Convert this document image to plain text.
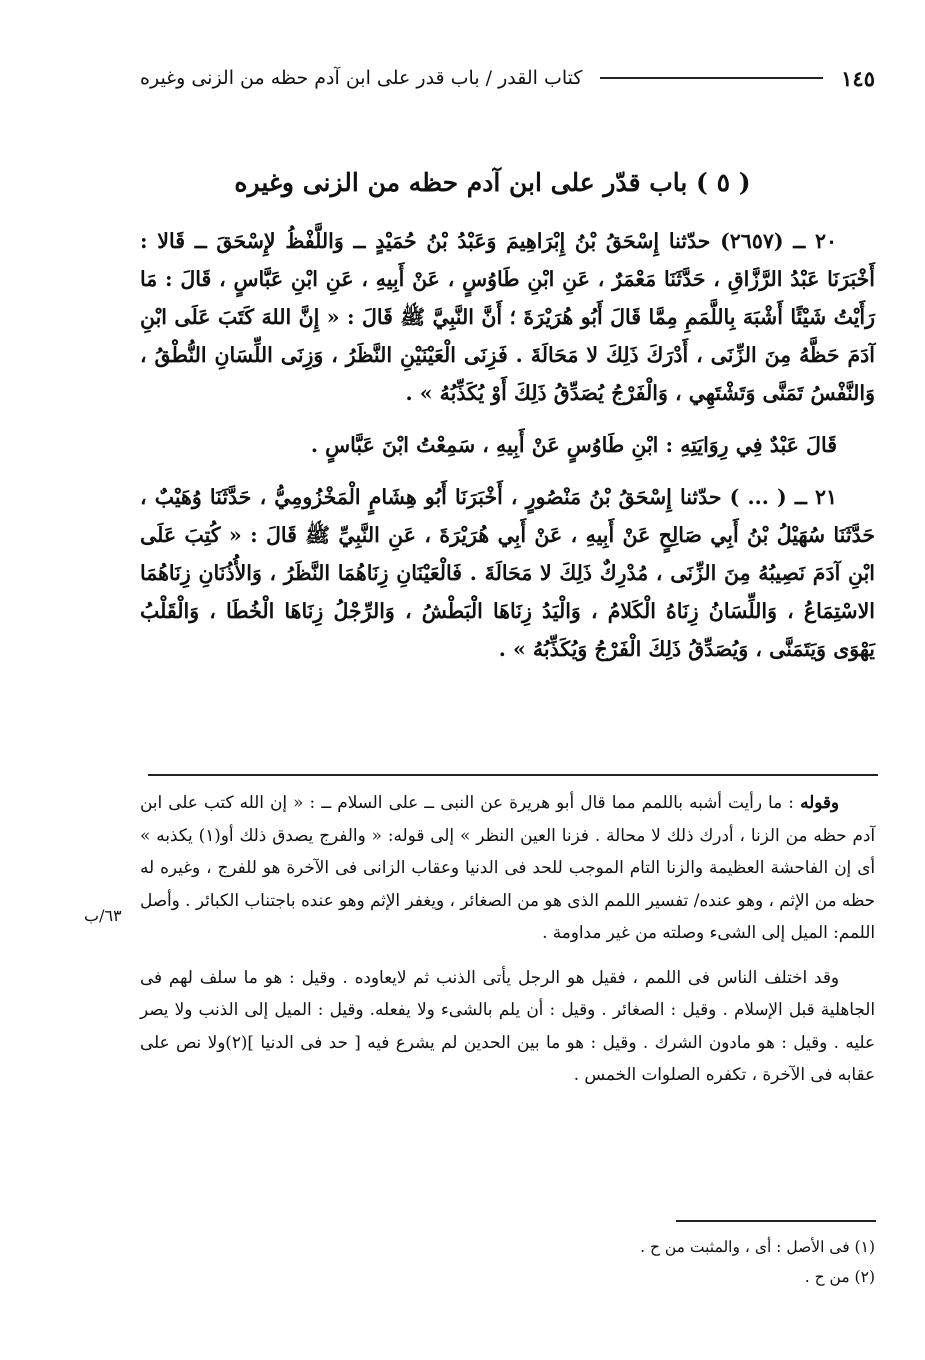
كتاب القدر / باب قدر على ابن آدم حظه من الزنى وغيره	١٤٥
( ٥ ) باب قدّر على ابن آدم حظه من الزنى وغيره

٢٠ ــ (٢٦٥٧) حدّثنا إِسْحَقُ بْنُ إِبْرَاهِيمَ وَعَبْدُ بْنُ حُمَيْدٍ ــ وَاللَّفْظُ لإِسْحَقَ ــ قَالا : أَخْبَرَنَا عَبْدُ الرَّزَّاقِ ، حَدَّثَنَا مَعْمَرٌ ، عَنِ ابْنِ طَاوُسٍ ، عَنْ أَبِيهِ ، عَنِ ابْنِ عَبَّاسٍ ، قَالَ : مَا رَأَيْتُ شَيْئًا أَشْبَهَ بِاللَّمَمِ مِمَّا قَالَ أَبُو هُرَيْرَةَ ؛ أَنَّ النَّبِيَّ ﷺ قَالَ : « إِنَّ اللهَ كَتَبَ عَلَى ابْنِ آدَمَ حَظَّهُ مِنَ الزِّنَى ، أَدْرَكَ ذَلِكَ لا مَحَالَةَ . فَزِنَى الْعَيْنَيْنِ النَّظَرُ ، وَزِنَى اللِّسَانِ النُّطْقُ ، وَالنَّفْسُ تَمَنَّى وَتَشْتَهِي ، وَالْفَرْجُ يُصَدِّقُ ذَلِكَ أَوْ يُكَذِّبُهُ » .

قَالَ عَبْدٌ فِي رِوَايَتِهِ : ابْنِ طَاوُسٍ عَنْ أَبِيهِ ، سَمِعْتُ ابْنَ عَبَّاسٍ .

٢١ ــ ( ... ) حدّثنا إِسْحَقُ بْنُ مَنْصُورٍ ، أَخْبَرَنَا أَبُو هِشَامٍ الْمَخْزُومِيُّ ، حَدَّثَنَا وُهَيْبٌ ، حَدَّثَنَا سُهَيْلُ بْنُ أَبِي صَالِحٍ عَنْ أَبِيهِ ، عَنْ أَبِي هُرَيْرَةَ ، عَنِ النَّبِيِّ ﷺ قَالَ : « كُتِبَ عَلَى ابْنِ آدَمَ نَصِيبُهُ مِنَ الزِّنَى ، مُدْرِكٌ ذَلِكَ لا مَحَالَةَ . فَالْعَيْنَانِ زِنَاهُمَا النَّظَرُ ، وَالأُذُنَانِ زِنَاهُمَا الاسْتِمَاعُ ، وَاللِّسَانُ زِنَاهُ الْكَلامُ ، وَالْيَدُ زِنَاهَا الْبَطْشُ ، وَالرِّجْلُ زِنَاهَا الْخُطَا ، وَالْقَلْبُ يَهْوَى وَيَتَمَنَّى ، وَيُصَدِّقُ ذَلِكَ الْفَرْجُ وَيُكَذِّبُهُ » .

وقوله : ما رأيت أشبه باللمم مما قال أبو هريرة عن النبى ــ على السلام ــ : « إن الله كتب على ابن آدم حظه من الزنا ، أدرك ذلك لا محالة . فزنا العين النظر » إلى قوله: « والفرج يصدق ذلك أو(١) يكذبه » أى إن الفاحشة العظيمة والزنا التام الموجب للحد فى الدنيا وعقاب الزانى فى الآخرة هو للفرج ، وغيره له حظه من الإثم ، وهو عنده/ تفسير اللمم الذى هو من الصغائر ، ويغفر الإثم وهو عنده باجتناب الكبائر . وأصل اللمم: الميل إلى الشىء وصلته من غير مداومة .

وقد اختلف الناس فى اللمم ، فقيل هو الرجل يأتى الذنب ثم لايعاوده . وقيل : هو ما سلف لهم فى الجاهلية قبل الإسلام . وقيل : الصغائر . وقيل : أن يلم بالشىء ولا يفعله. وقيل : الميل إلى الذنب ولا يصر عليه . وقيل : هو مادون الشرك . وقيل : هو ما بين الحدين لم يشرع فيه [ حد فى الدنيا ](٢)ولا نص على عقابه فى الآخرة ، تكفره الصلوات الخمس .

٦٣/ب
(١) فى الأصل : أى ، والمثبت من ح .
(٢) من ح .
